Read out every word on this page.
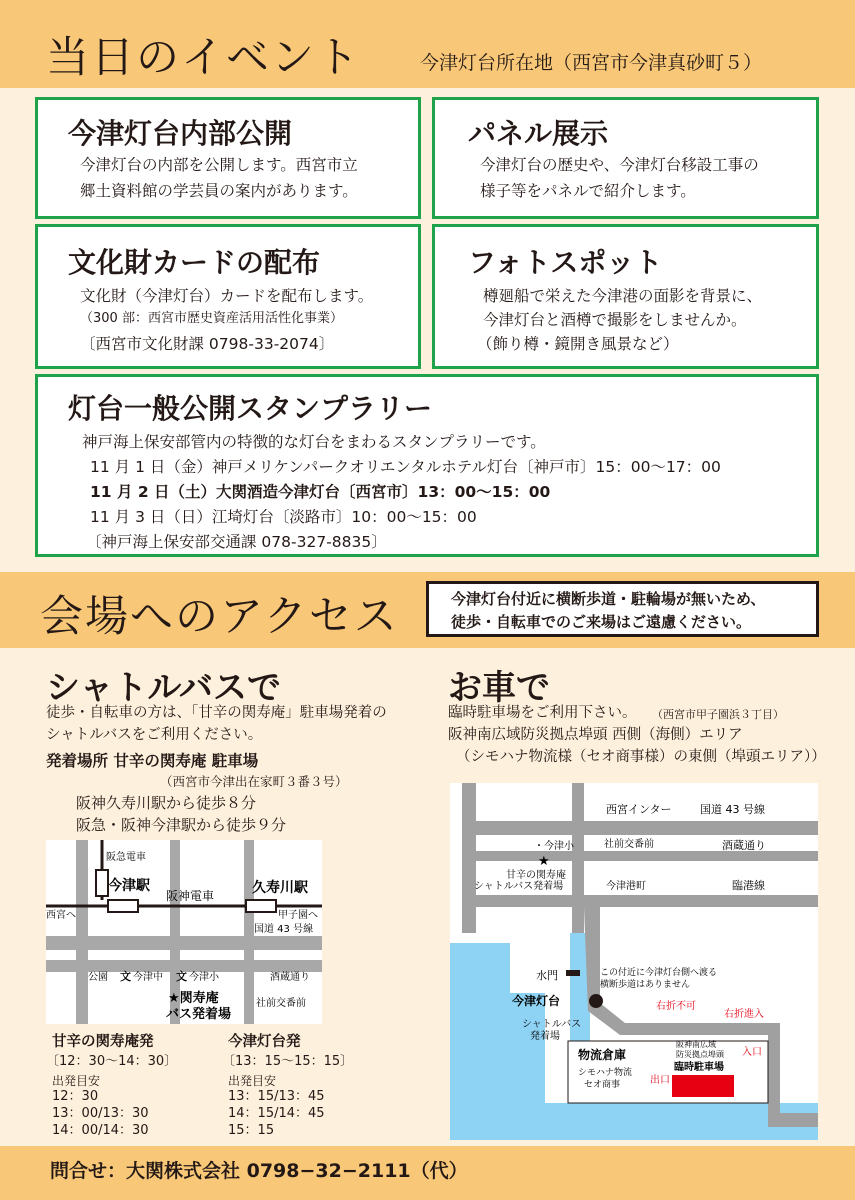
当日のイベント	今津灯台所在地（西宮市今津真砂町５）
今津灯台内部公開

今津灯台の内部を公開します。西宮市立

郷土資料館の学芸員の案内があります。

パネル展示

今津灯台の歴史や、今津灯台移設工事の

様子等をパネルで紹介します。

文化財カードの配布

文化財（今津灯台）カードを配布します。

（300 部：西宮市歴史資産活用活性化事業）

〔西宮市文化財課 0798-33-2074〕

フォトスポット

樽廻船で栄えた今津港の面影を背景に、

今津灯台と酒樽で撮影をしませんか。

（飾り樽・鏡開き風景など）

灯台一般公開スタンプラリー

神戸海上保安部管内の特徴的な灯台をまわるスタンプラリーです。

11 月 1 日（金）神戸メリケンパークオリエンタルホテル灯台〔神戸市〕15：00～17：00

11 月 2 日（土）大関酒造今津灯台〔西宮市〕13：00～15：00

11 月 3 日（日）江埼灯台〔淡路市〕10：00～15：00

〔神戸海上保安部交通課 078-327-8835〕

会場へのアクセス	今津灯台付近に横断歩道・駐輪場が無いため、
徒歩・自転車でのご来場はご遠慮ください。
シャトルバスで
徒歩・自転車の方は、「甘辛の関寿庵」駐車場発着の
シャトルバスをご利用ください。
発着場所 甘辛の関寿庵 駐車場
（西宮市今津出在家町３番３号）
阪神久寿川駅から徒歩８分
阪急・阪神今津駅から徒歩９分
阪急電車
今津駅
阪神電車	久寿川駅
西宮へ	甲子園へ
国道 43 号線
公園 文 今津中 文 今津小	酒蔵通り
社前交番前
★関寿庵
バス発着場
甘辛の関寿庵発
〔12：30～14：30〕
出発目安
12：30
13：00/13：30
14：00/14：30
今津灯台発
〔13：15～15：15〕
出発目安
13：15/13：45
14：15/14：45
15：15
お車で
臨時駐車場をご利用下さい。 （西宮市甲子園浜３丁目）
阪神南広域防災拠点埠頭 西側（海側）エリア
（シモハナ物流様（セオ商事様）の東側（埠頭エリア））
西宮インター	国道 43 号線
・今津小	社前交番前	酒蔵通り
★
甘辛の関寿庵
シャトルバス発着場	今津港町	臨港線
水門	この付近に今津灯台側へ渡る
横断歩道はありません
今津灯台
シャトルバス
発着場
右折不可
右折進入
入口
出口
物流倉庫
シモハナ物流
セオ商事
阪神南広域
防災拠点埠頭
臨時駐車場
問合せ：大関株式会社 0798−32−2111（代）
